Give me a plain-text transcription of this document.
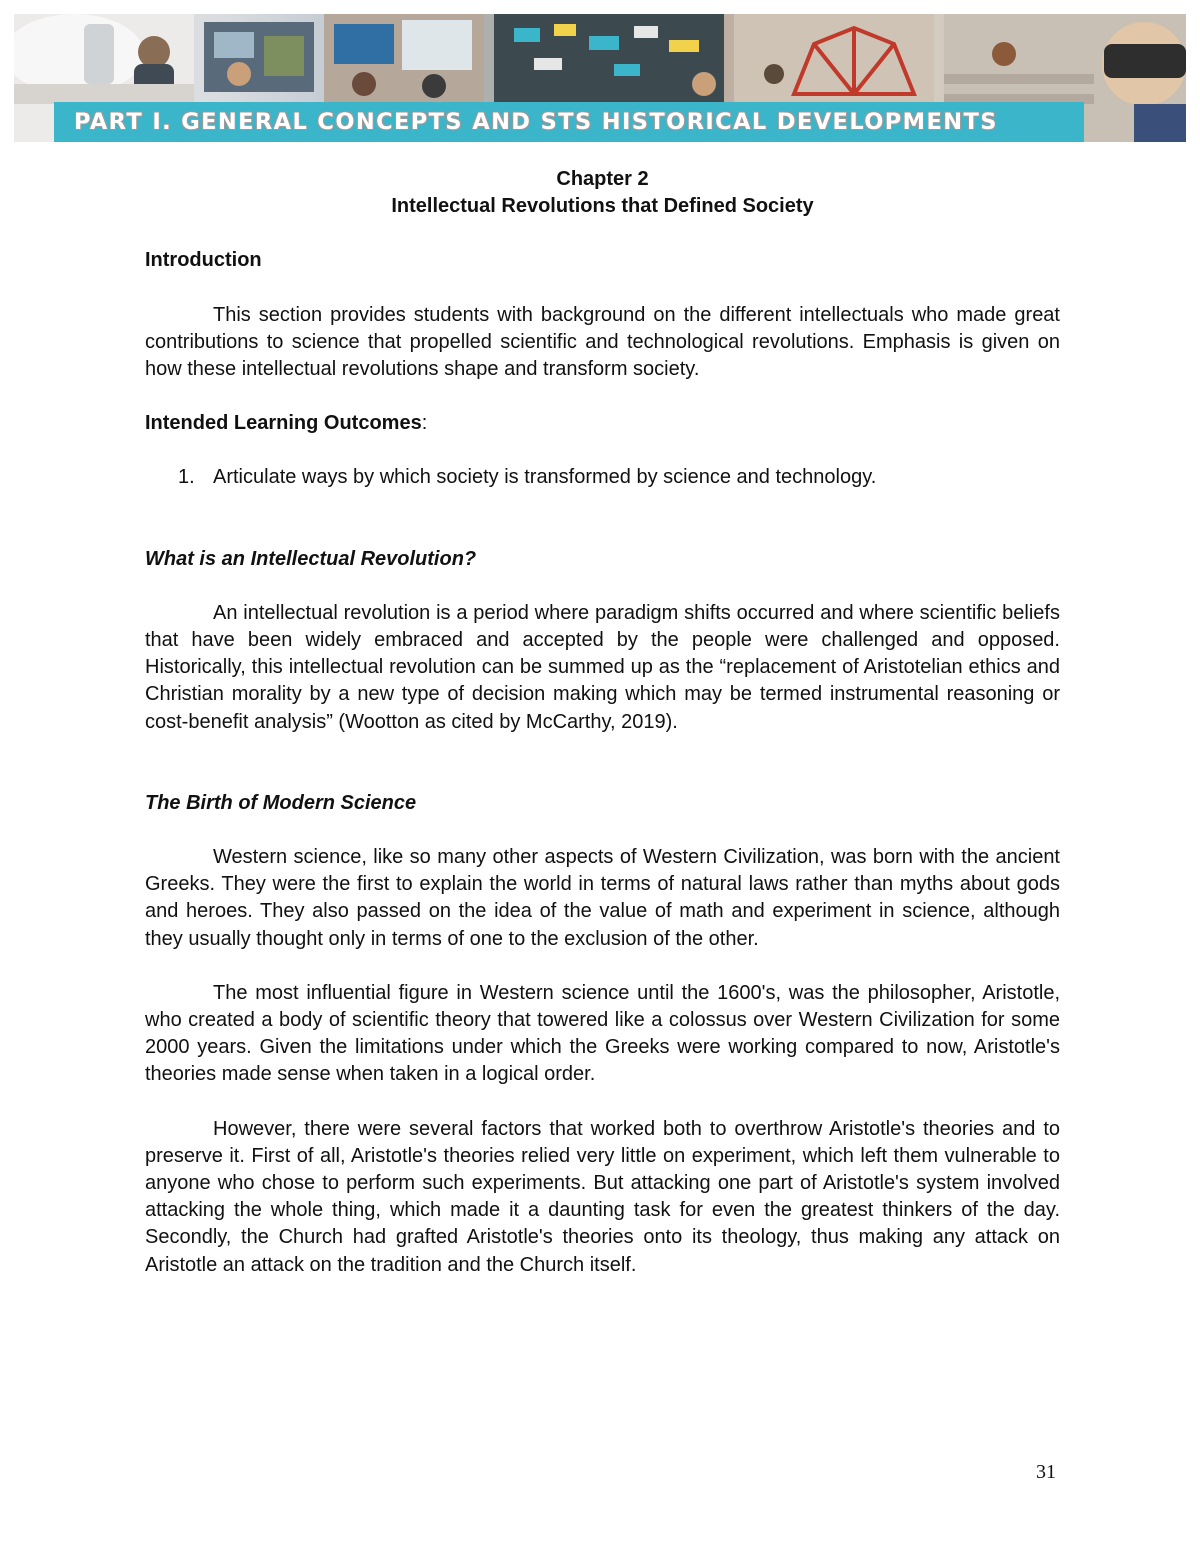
PART I. GENERAL CONCEPTS AND STS HISTORICAL DEVELOPMENTS
Chapter 2
Intellectual Revolutions that Defined Society
Introduction

This section provides students with background on the different intellectuals who made great contributions to science that propelled scientific and technological revolutions. Emphasis is given on how these intellectual revolutions shape and transform society.

Intended Learning Outcomes:
1. Articulate ways by which society is transformed by science and technology.
What is an Intellectual Revolution?

An intellectual revolution is a period where paradigm shifts occurred and where scientific beliefs that have been widely embraced and accepted by the people were challenged and opposed. Historically, this intellectual revolution can be summed up as the “replacement of Aristotelian ethics and Christian morality by a new type of decision making which may be termed instrumental reasoning or cost-benefit analysis” (Wootton as cited by McCarthy, 2019).

The Birth of Modern Science

Western science, like so many other aspects of Western Civilization, was born with the ancient Greeks. They were the first to explain the world in terms of natural laws rather than myths about gods and heroes. They also passed on the idea of the value of math and experiment in science, although they usually thought only in terms of one to the exclusion of the other.

The most influential figure in Western science until the 1600's, was the philosopher, Aristotle, who created a body of scientific theory that towered like a colossus over Western Civilization for some 2000 years. Given the limitations under which the Greeks were working compared to now, Aristotle's theories made sense when taken in a logical order.

However, there were several factors that worked both to overthrow Aristotle's theories and to preserve it. First of all, Aristotle's theories relied very little on experiment, which left them vulnerable to anyone who chose to perform such experiments. But attacking one part of Aristotle's system involved attacking the whole thing, which made it a daunting task for even the greatest thinkers of the day. Secondly, the Church had grafted Aristotle's theories onto its theology, thus making any attack on Aristotle an attack on the tradition and the Church itself.

31
